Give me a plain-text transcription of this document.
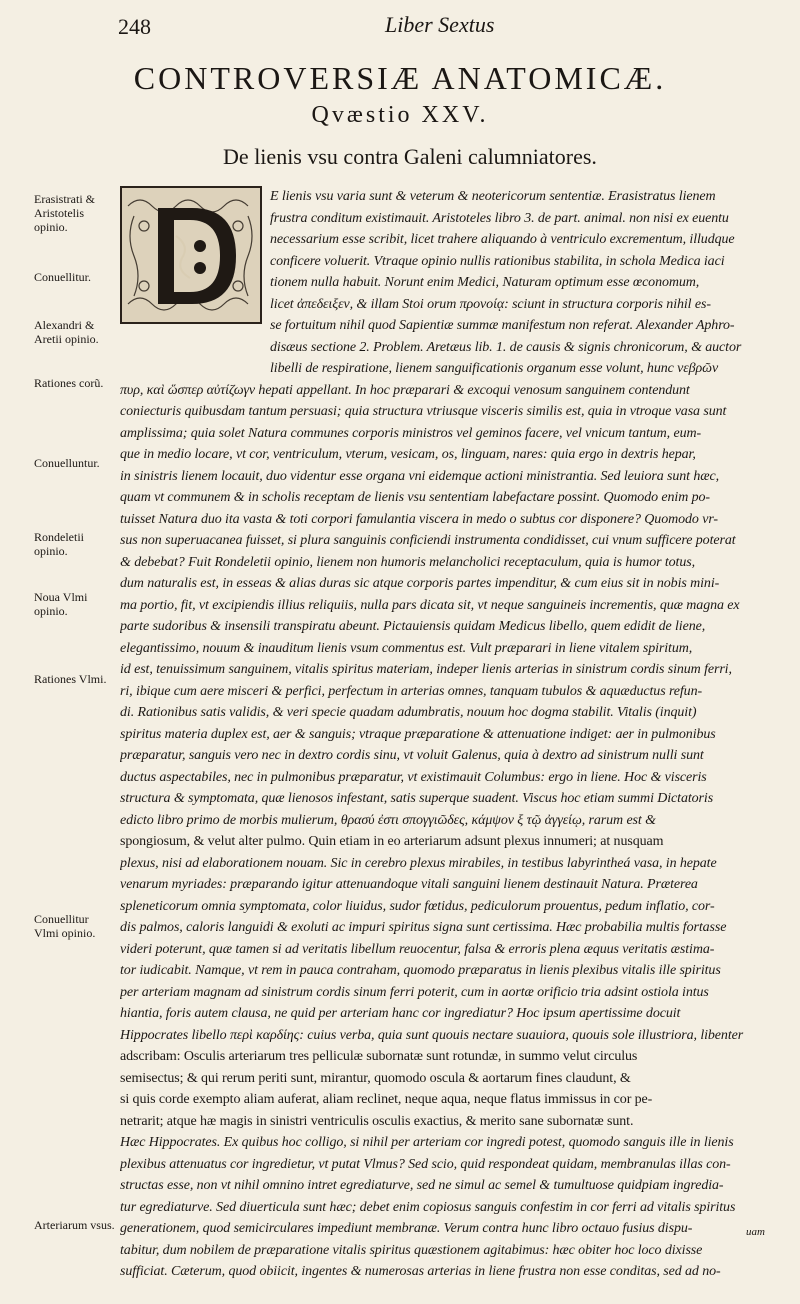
248	Liber Sextus
CONTROVERSIÆ ANATOMICÆ.
Qvæstio XXV.
De lienis vsu contra Galeni calumniatores.
Erasistrati & Aristotelis opinio.
Conuellitur.
Alexandri & Aretii opinio.
Rationes corũ.
Conuelluntur.
Rondeletii opinio.
Noua Vlmi opinio.
Rationes Vlmi.
Conuellitur Vlmi opinio.
Arteriarum vsus.
E lienis vsu varia sunt & veterum & neotericorum sententiæ. Erasistratus lienem
frustra conditum existimauit. Aristoteles libro 3. de part. animal. non nisi ex euentu
necessarium esse scribit, licet trahere aliquando à ventriculo excrementum, illudque
conficere voluerit. Vtraque opinio nullis rationibus stabilita, in schola Medica iaci
tionem nulla habuit. Norunt enim Medici, Naturam optimum esse œconomum,
licet ἀπεδειξεν, & illam Stoi orum προνοίᾳ: sciunt in structura corporis nihil es-
se fortuitum nihil quod Sapientiæ summæ manifestum non referat. Alexander Aphro-
disæus sectione 2. Problem. Aretæus lib. 1. de causis & signis chronicorum, & auctor
libelli de respiratione, lienem sanguificationis organum esse volunt, hunc νεβρῶν
πυρ, καὶ ὥσπερ αὐτίζωγν hepati appellant. In hoc præparari & excoqui venosum sanguinem contendunt
coniecturis quibusdam tantum persuasi; quia structura vtriusque visceris similis est, quia in vtroque vasa sunt
amplissima; quia solet Natura communes corporis ministros vel geminos facere, vel vnicum tantum, eum-
que in medio locare, vt cor, ventriculum, vterum, vesicam, os, linguam, nares: quia ergo in dextris hepar,
in sinistris lienem locauit, duo videntur esse organa vni eidemque actioni ministrantia. Sed leuiora sunt hæc,
quam vt communem & in scholis receptam de lienis vsu sententiam labefactare possint. Quomodo enim po-
tuisset Natura duo ita vasta & toti corpori famulantia viscera in medo o subtus cor disponere? Quomodo vr-
sus non superuacanea fuisset, si plura sanguinis conficiendi instrumenta condidisset, cui vnum sufficere poterat
& debebat? Fuit Rondeletii opinio, lienem non humoris melancholici receptaculum, quia is humor totus,
dum naturalis est, in esseas & alias duras sic atque corporis partes impenditur, & cum eius sit in nobis mini-
ma portio, fit, vt excipiendis illius reliquiis, nulla pars dicata sit, vt neque sanguineis incrementis, quæ magna ex
parte sudoribus & insensili transpiratu abeunt. Pictauiensis quidam Medicus libello, quem edidit de liene,
elegantissimo, nouum & inauditum lienis vsum commentus est. Vult præparari in liene vitalem spiritum,
id est, tenuissimum sanguinem, vitalis spiritus materiam, indeper lienis arterias in sinistrum cordis sinum ferri,
ri, ibique cum aere misceri & perfici, perfectum in arterias omnes, tanquam tubulos & aquæductus refun-
di. Rationibus satis validis, & veri specie quadam adumbratis, nouum hoc dogma stabilit. Vitalis (inquit)
spiritus materia duplex est, aer & sanguis; vtraque præparatione & attenuatione indiget: aer in pulmonibus
præparatur, sanguis vero nec in dextro cordis sinu, vt voluit Galenus, quia à dextro ad sinistrum nulli sunt
ductus aspectabiles, nec in pulmonibus præparatur, vt existimauit Columbus: ergo in liene. Hoc & visceris
structura & symptomata, quæ lienosos infestant, satis superque suadent. Viscus hoc etiam summi Dictatoris
edicto libro primo de morbis mulierum, θρασύ ἐστι σπογγιῶδες, κάμψον ξ τῷ ἀγγείῳ, rarum est &
spongiosum, & velut alter pulmo. Quin etiam in eo arteriarum adsunt plexus innumeri; at nusquam
plexus, nisi ad elaborationem nouam. Sic in cerebro plexus mirabiles, in testibus labyrintheá vasa, in hepate
venarum myriades: præparando igitur attenuandoque vitali sanguini lienem destinauit Natura. Præterea
spleneticorum omnia symptomata, color liuidus, sudor fœtidus, pediculorum prouentus, pedum inflatio, cor-
dis palmos, caloris languidi & exoluti ac impuri spiritus signa sunt certissima. Hæc probabilia multis fortasse
videri poterunt, quæ tamen si ad veritatis libellum reuocentur, falsa & erroris plena æquus veritatis æstima-
tor iudicabit. Namque, vt rem in pauca contraham, quomodo præparatus in lienis plexibus vitalis ille spiritus
per arteriam magnam ad sinistrum cordis sinum ferri poterit, cum in aortæ orificio tria adsint ostiola intus
hiantia, foris autem clausa, ne quid per arteriam hanc cor ingrediatur? Hoc ipsum apertissime docuit
Hippocrates libello περὶ καρδίης: cuius verba, quia sunt quouis nectare suauiora, quouis sole illustriora, libenter
adscribam: Osculis arteriarum tres pelliculæ subornatæ sunt rotundæ, in summo velut circulus
semisectus; & qui rerum periti sunt, mirantur, quomodo oscula & aortarum fines claudunt, &
si quis corde exempto aliam auferat, aliam reclinet, neque aqua, neque flatus immissus in cor pe-
netrarit; atque hæ magis in sinistri ventriculis osculis exactius, & merito sane subornatæ sunt.
Hæc Hippocrates. Ex quibus hoc colligo, si nihil per arteriam cor ingredi potest, quomodo sanguis ille in lienis
plexibus attenuatus cor ingredietur, vt putat Vlmus? Sed scio, quid respondeat quidam, membranulas illas con-
structas esse, non vt nihil omnino intret egrediaturve, sed ne simul ac semel & tumultuose quidpiam ingredia-
tur egrediaturve. Sed diuerticula sunt hæc; debet enim copiosus sanguis confestim in cor ferri ad vitalis spiritus
generationem, quod semicirculares impediunt membranæ. Verum contra hunc libro octauo fusius dispu-
tabitur, dum nobilem de præparatione vitalis spiritus quæstionem agitabimus: hæc obiter hoc loco dixisse
sufficiat. Cæterum, quod obiicit, ingentes & numerosas arterias in liene frustra non esse conditas, sed ad no-
uam
